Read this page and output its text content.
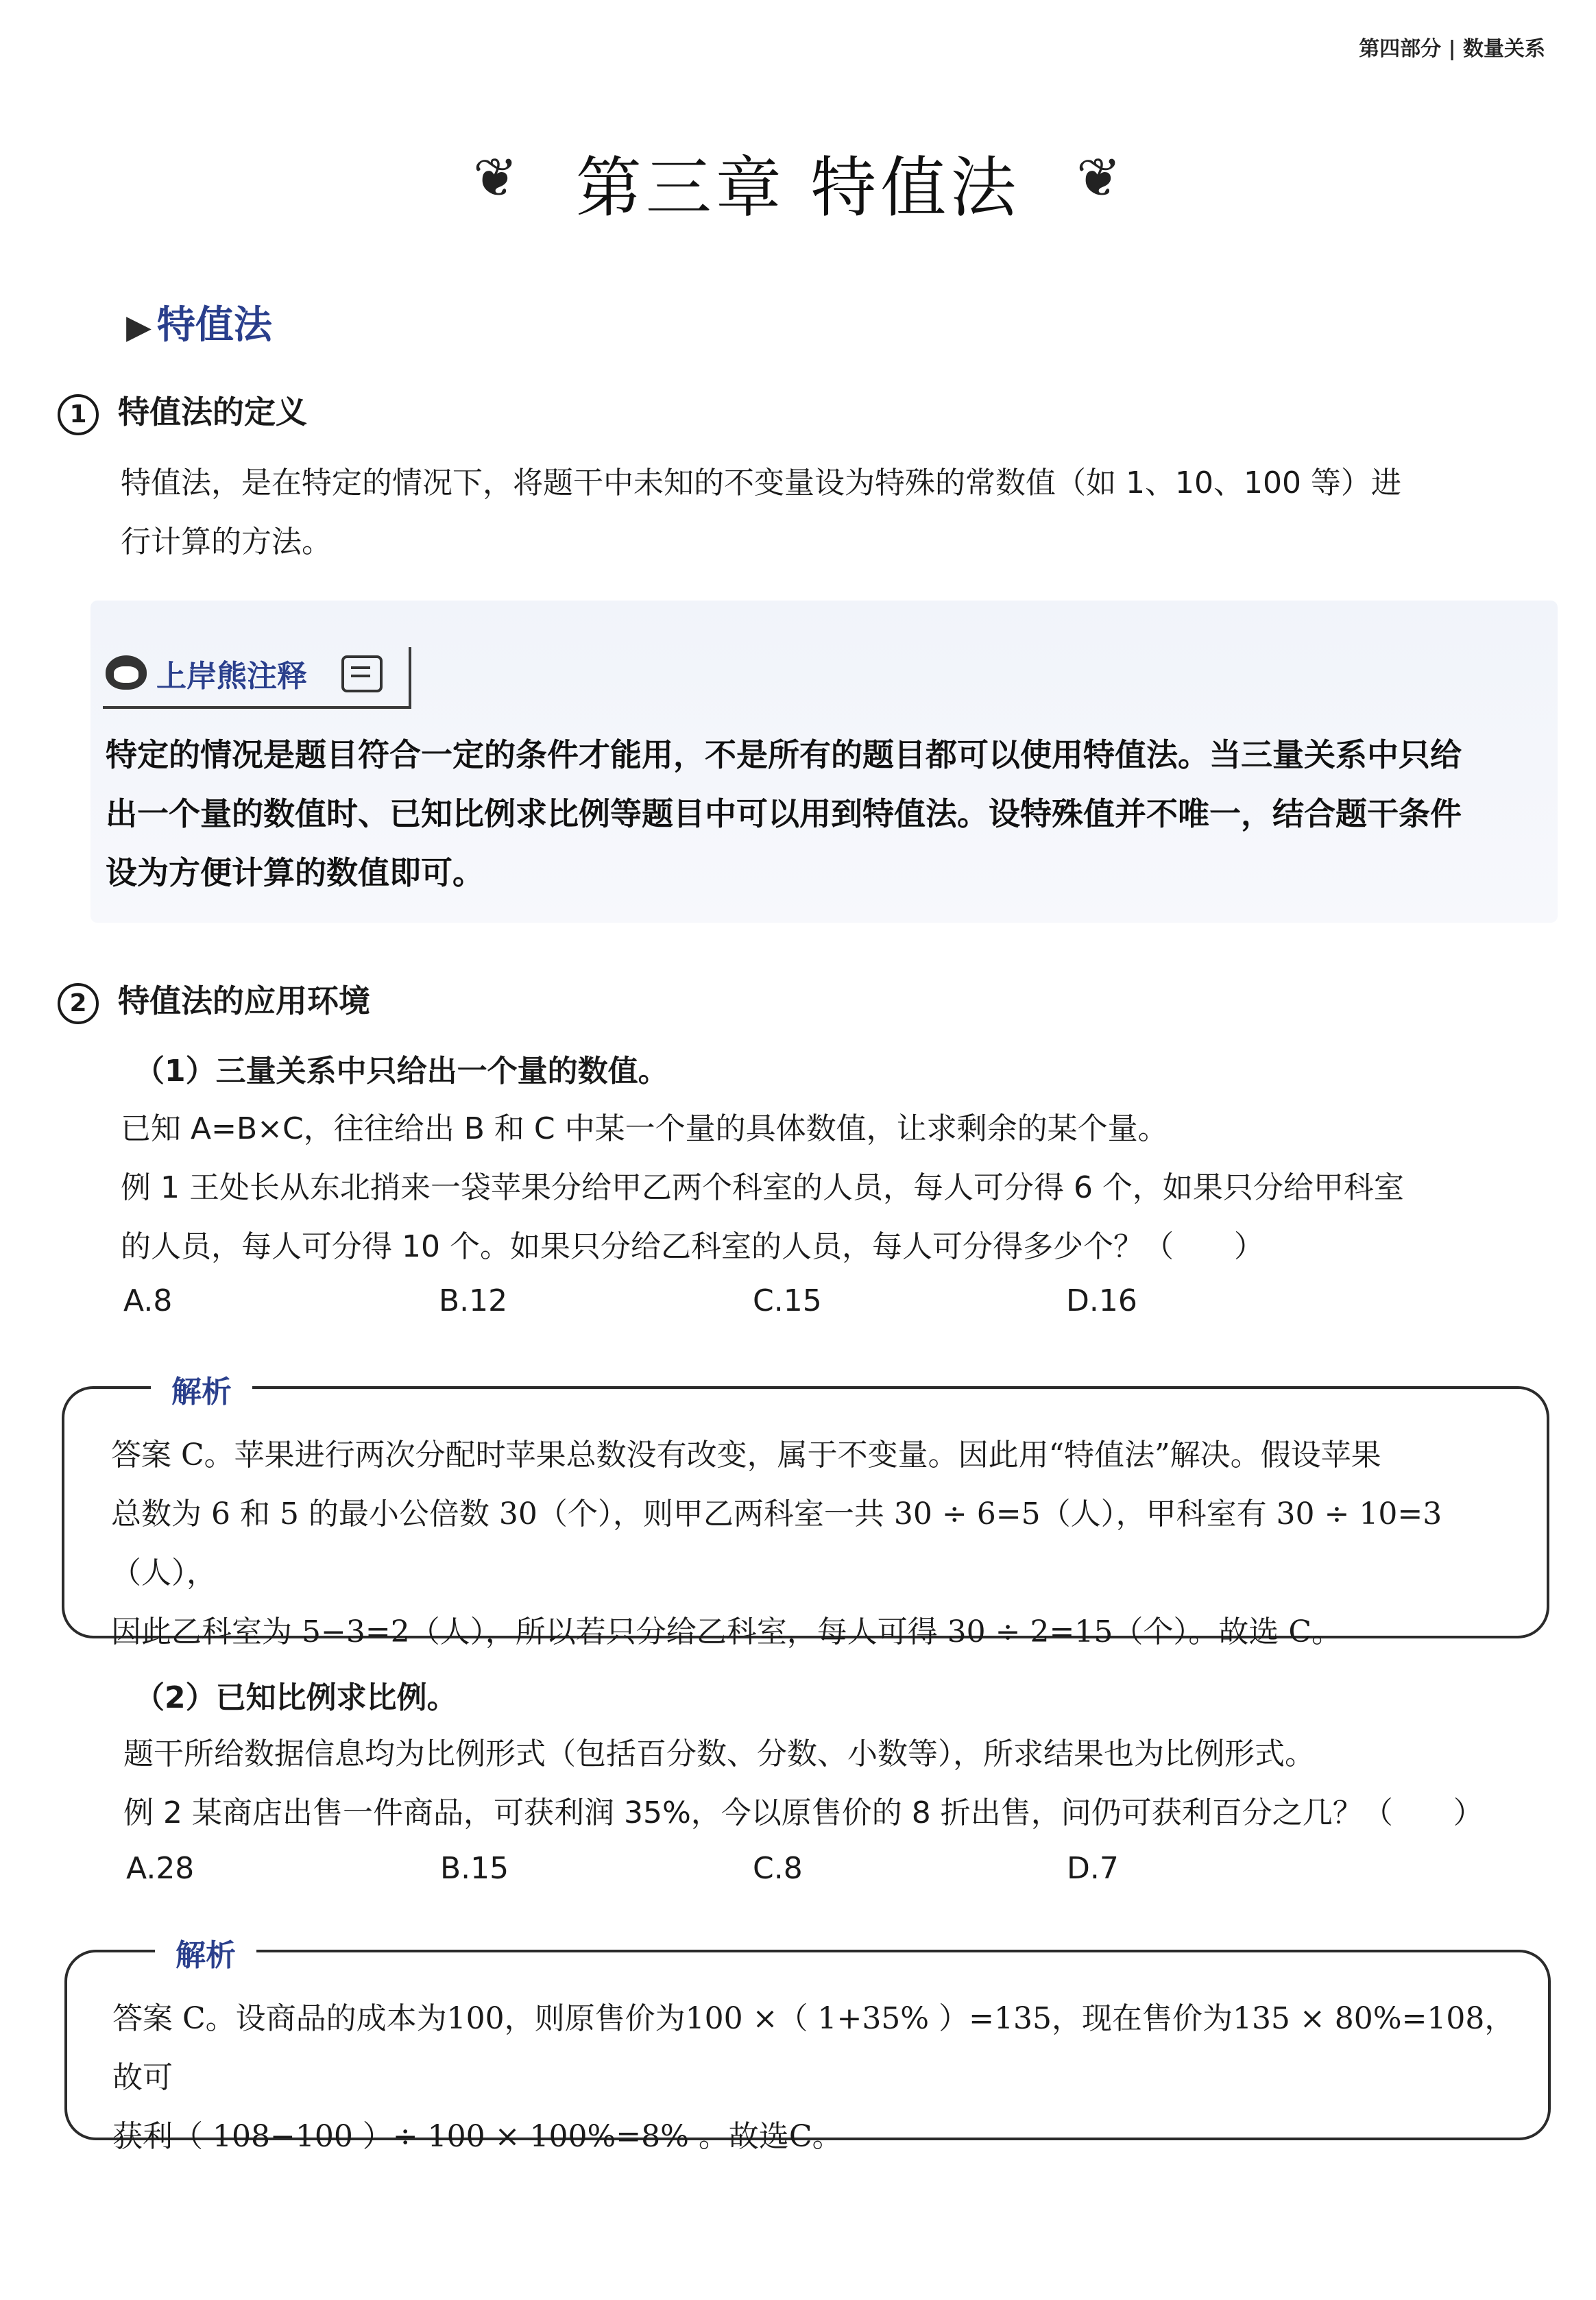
第四部分 | 数量关系
❦ 第三章 特值法	❦
▶ 特值法
1 特值法的定义
特值法，是在特定的情况下，将题干中未知的不变量设为特殊的常数值（如 1、10、100 等）进
行计算的方法。
上岸熊注释
特定的情况是题目符合一定的条件才能用，不是所有的题目都可以使用特值法。当三量关系中只给
出一个量的数值时、已知比例求比例等题目中可以用到特值法。设特殊值并不唯一，结合题干条件
设为方便计算的数值即可。
2 特值法的应用环境
（1）三量关系中只给出一个量的数值。
已知 A=B×C，往往给出 B 和 C 中某一个量的具体数值，让求剩余的某个量。
例 1 王处长从东北捎来一袋苹果分给甲乙两个科室的人员，每人可分得 6 个，如果只分给甲科室
的人员，每人可分得 10 个。如果只分给乙科室的人员，每人可分得多少个？（　　）
A.8	B.12	C.15	D.16
解析
答案 C。苹果进行两次分配时苹果总数没有改变，属于不变量。因此用“特值法”解决。假设苹果
总数为 6 和 5 的最小公倍数 30（个），则甲乙两科室一共 30 ÷ 6=5（人），甲科室有 30 ÷ 10=3（人），
因此乙科室为 5−3=2（人），所以若只分给乙科室，每人可得 30 ÷ 2=15（个）。故选 C。
（2）已知比例求比例。
题干所给数据信息均为比例形式（包括百分数、分数、小数等），所求结果也为比例形式。
例 2 某商店出售一件商品，可获利润 35%，今以原售价的 8 折出售，问仍可获利百分之几？（　　）
A.28	B.15	C.8	D.7
解析
答案 C。设商品的成本为100，则原售价为100 ×（ 1+35% ）=135，现在售价为135 × 80%=108，故可
获利（ 108−100 ）÷ 100 × 100%=8% 。故选C。
